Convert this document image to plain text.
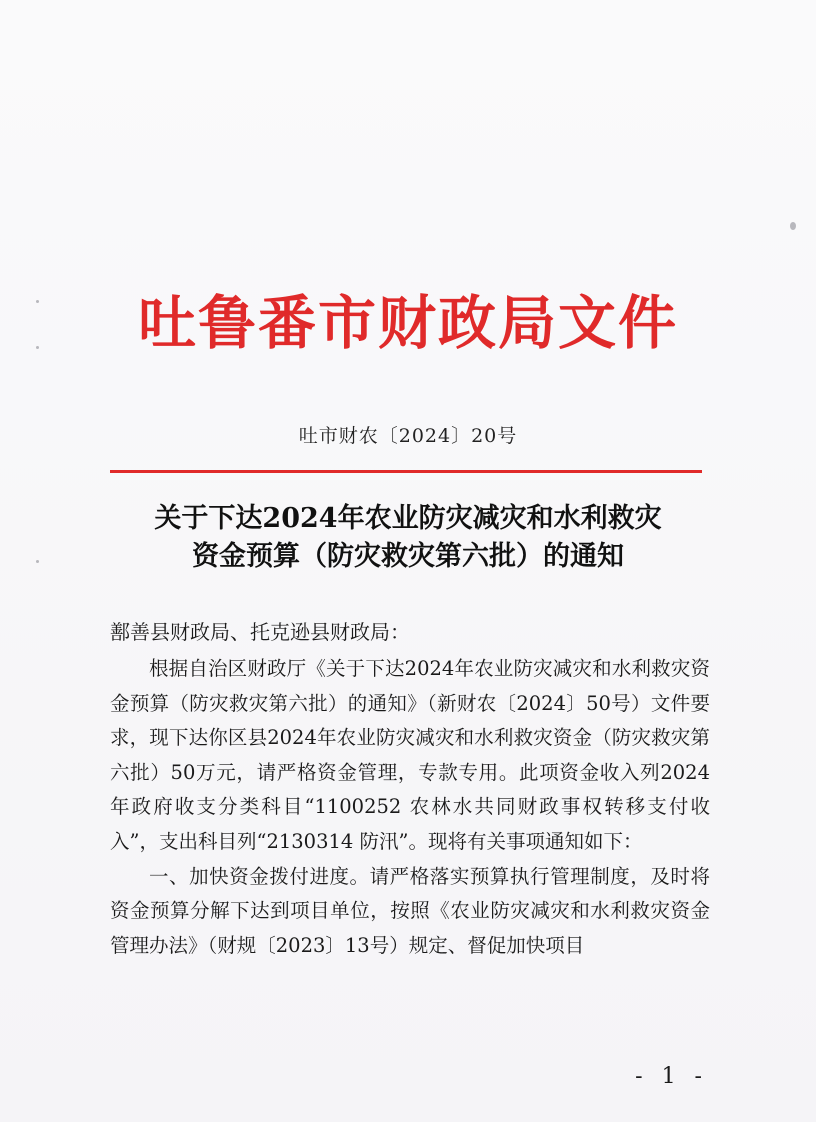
吐鲁番市财政局文件
吐市财农〔2024〕20号
关于下达2024年农业防灾减灾和水利救灾
资金预算（防灾救灾第六批）的通知
鄯善县财政局、托克逊县财政局：

根据自治区财政厅《关于下达2024年农业防灾减灾和水利救灾资金预算（防灾救灾第六批）的通知》（新财农〔2024〕50号）文件要求，现下达你区县2024年农业防灾减灾和水利救灾资金（防灾救灾第六批）50万元，请严格资金管理，专款专用。此项资金收入列2024年政府收支分类科目“1100252 农林水共同财政事权转移支付收入”，支出科目列“2130314 防汛”。现将有关事项通知如下：

一、加快资金拨付进度。请严格落实预算执行管理制度，及时将资金预算分解下达到项目单位，按照《农业防灾减灾和水利救灾资金管理办法》（财规〔2023〕13号）规定、督促加快项目

- 1 -
